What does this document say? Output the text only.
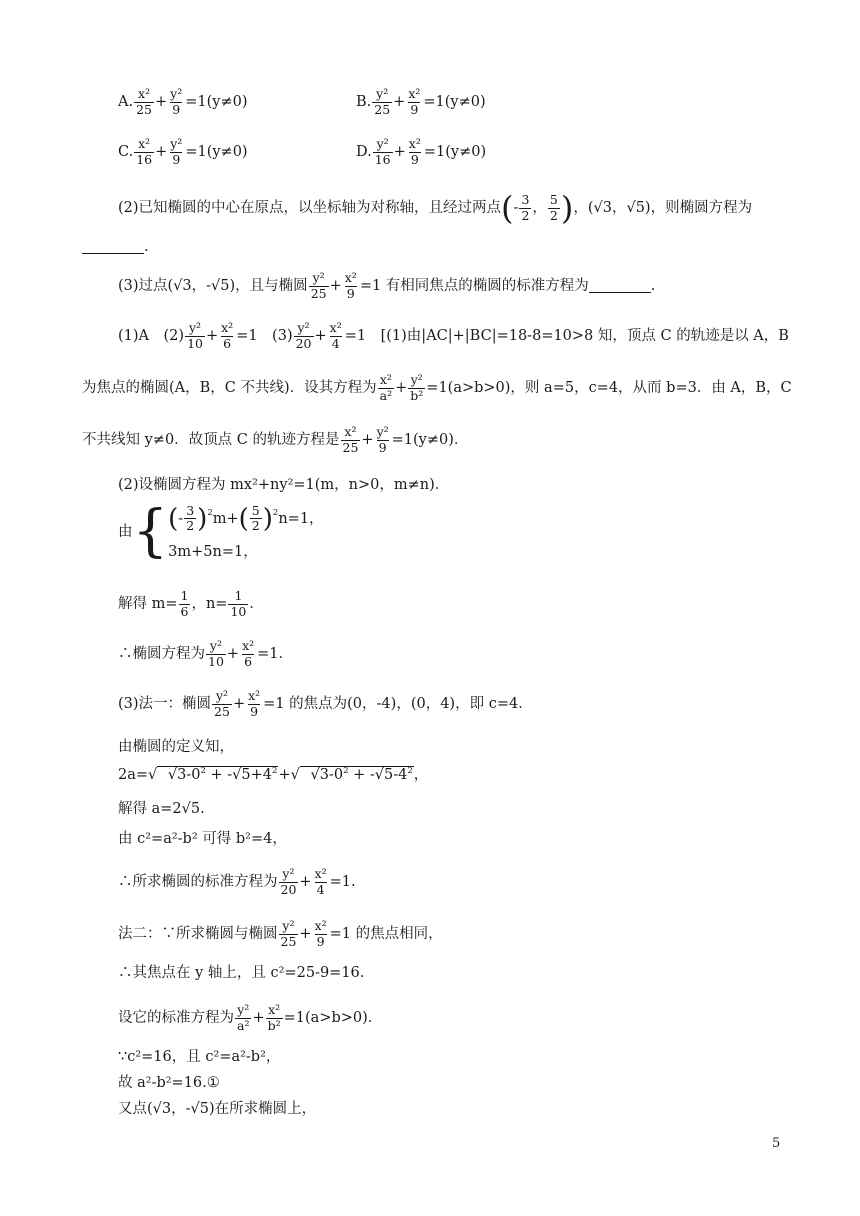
A.
x²
$25 + \frac{\text{y²}}{9} =1(y\ne 0)$	B.
y²
$25 + \frac{\text{x²}}{9} =1(y\ne 0)$
C.
x²
$16 + \frac{\text{y²}}{9} =1(y\ne 0)$	D.
y²
$16 + \frac{\text{x²}}{9} =1(y\ne 0)$
(2)已知椭圆的中心在原点，以坐标轴为对称轴，且经过两点 ( -
3
2 ，
5
2 ) ，(√3，√5)，则椭圆方程为
.
(3)过点(√3，-√5)，且与椭圆
y²
$25 + \frac{\text{x²}}{9} =1$ 有相同焦点的椭圆的标准方程为	.
(1)A　(2)
y²
$10 + \frac{\text{x²}}{6} =1$　(3)
y²
$20 + \frac{\text{x²}}{4} =1$　[(1)由|AC|+|BC|=18-8=10>8 知，顶点 C 的轨迹是以 A，B
为焦点的椭圆(A，B，C 不共线)．设其方程为
x²
$a^2 + \frac{\text{y²}}{\text{b²}} =1(a>b>0)$，则 a=5，c=4，从而 b=3．由 A，B，C
不共线知 y≠0．故顶点 C 的轨迹方程是
x²
$25 + \frac{\text{y²}}{9} =1(y\ne 0)$．
(2)设椭圆方程为 mx²+ny²=1(m，n>0，m≠n)．
由 { ( -
3
2 ) 2 m+ ( 5
2 ) 2 n=1，
3m+5n=1，
解得 $m= \frac{1}{6}$ ，$n= \frac{1}{10}$ ．
∴椭圆方程为
y²
$10 + \frac{\text{x²}}{6} =1$．
(3)法一：椭圆
y²
$25 + \frac{\text{x²}}{9} =1$ 的焦点为(0，-4)，(0，4)，即 c=4．
由椭圆的定义知，
2a= √ $√3-0^2 + -√5+4^2$ + √ $√3-0^2 + -√5-4^2$ ，
解得 a=2√5.
由 c²=a²-b² 可得 b²=4，
∴所求椭圆的标准方程为
y²
$20 + \frac{\text{x²}}{4} =1$.
法二：∵所求椭圆与椭圆
y²
$25 + \frac{\text{x²}}{9} =1$ 的焦点相同，
∴其焦点在 y 轴上，且 c²=25-9=16.
设它的标准方程为
y²
$a^2 + \frac{\text{x²}}{\text{b²}} =1(a>b>0)$．
∵c²=16，且 c²=a²-b²，
故 a²-b²=16.①
又点(√3，-√5)在所求椭圆上，
5
